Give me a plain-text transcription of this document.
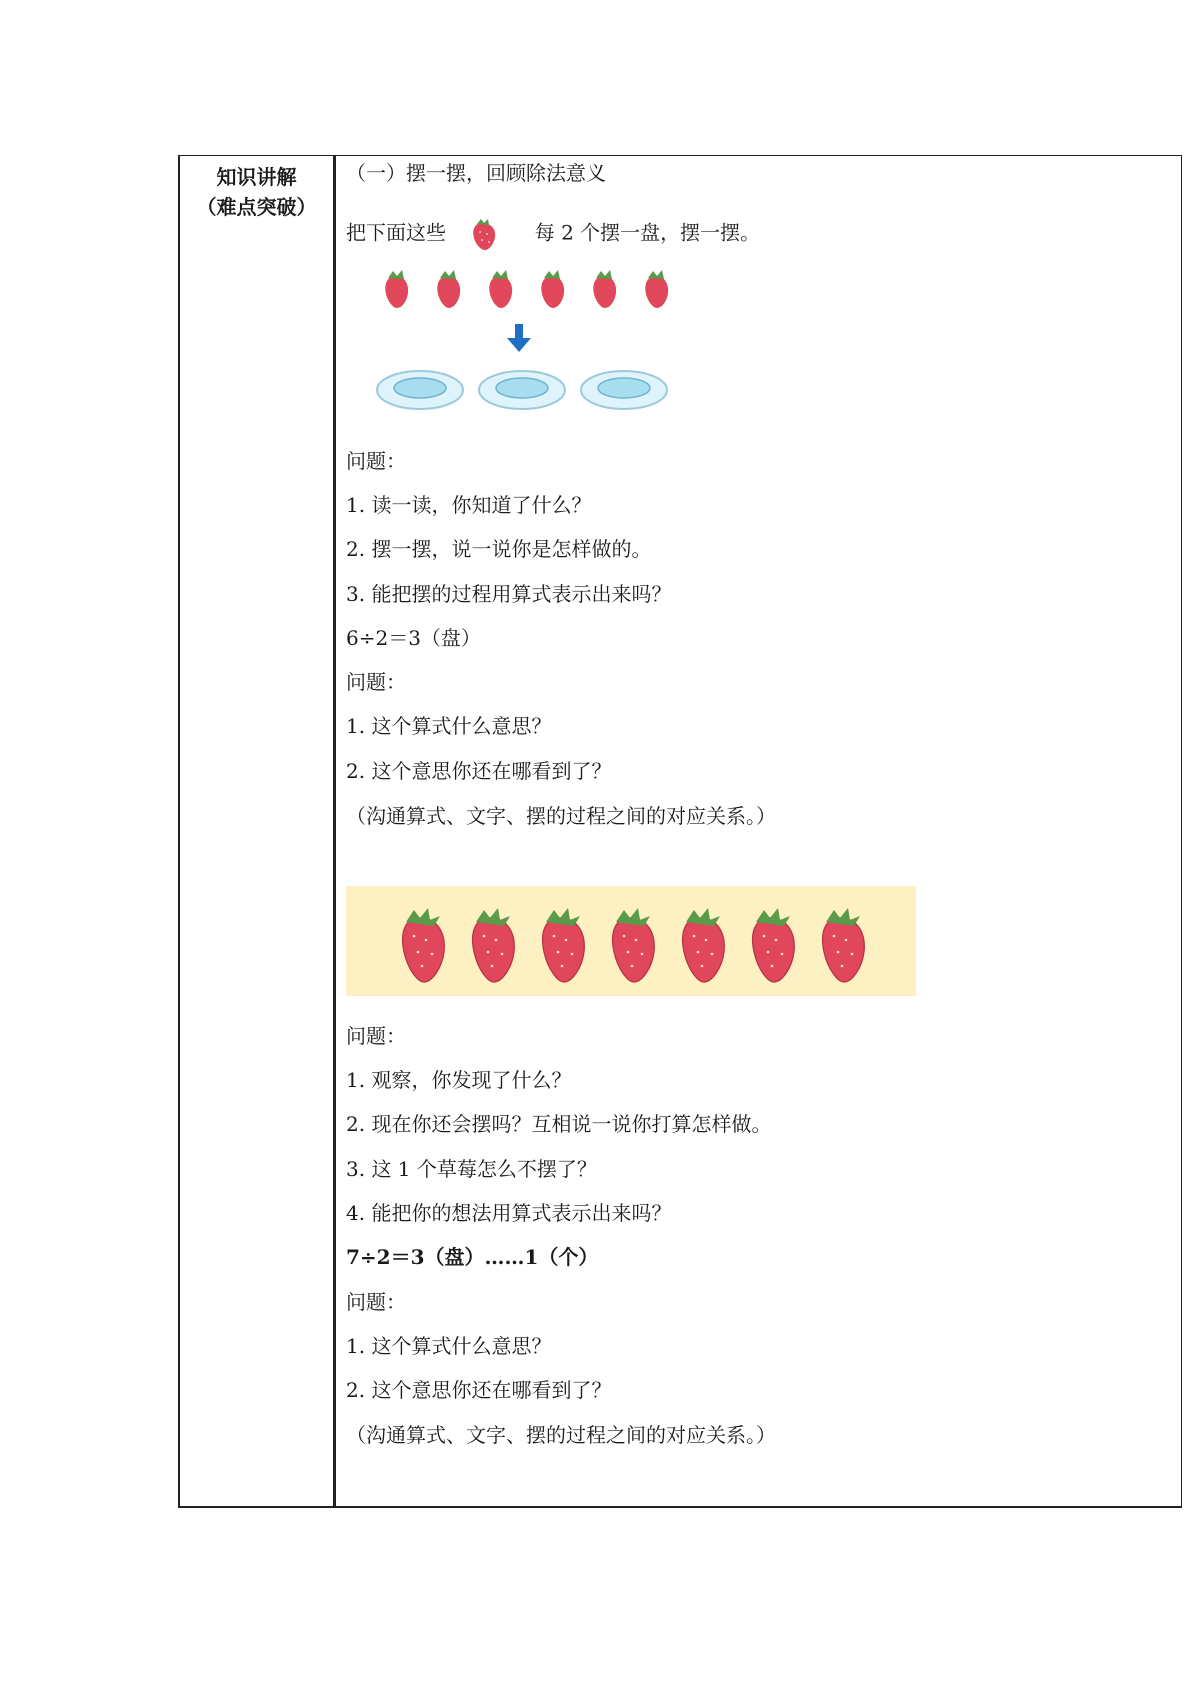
知识讲解
（难点突破）
（一）摆一摆，回顾除法意义
把下面这些	每 2 个摆一盘，摆一摆。
问题：
1. 读一读，你知道了什么？
2. 摆一摆，说一说你是怎样做的。
3. 能把摆的过程用算式表示出来吗？
6÷2＝3（盘）
问题：
1. 这个算式什么意思？
2. 这个意思你还在哪看到了？
（沟通算式、文字、摆的过程之间的对应关系。）
问题：
1. 观察，你发现了什么？
2. 现在你还会摆吗？互相说一说你打算怎样做。
3. 这 1 个草莓怎么不摆了？
4. 能把你的想法用算式表示出来吗？
7÷2＝3（盘）……1（个）
问题：
1. 这个算式什么意思？
2. 这个意思你还在哪看到了？
（沟通算式、文字、摆的过程之间的对应关系。）
